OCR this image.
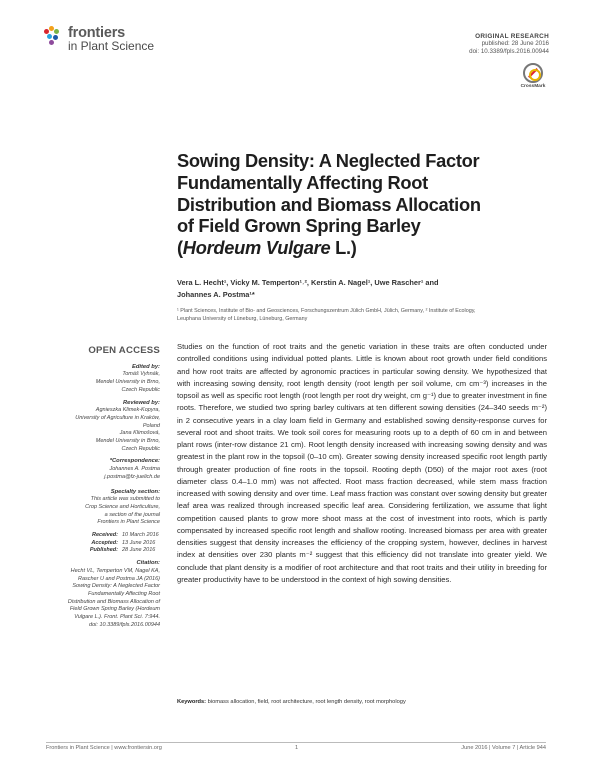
frontiers
in Plant Science
ORIGINAL RESEARCH
published: 28 June 2016
doi: 10.3389/fpls.2016.00944
CrossMark
Sowing Density: A Neglected Factor
Fundamentally Affecting Root
Distribution and Biomass Allocation
of Field Grown Spring Barley
(Hordeum Vulgare L.)
Vera L. Hecht¹, Vicky M. Temperton¹˒², Kerstin A. Nagel¹, Uwe Rascher¹ and
Johannes A. Postma¹*
¹ Plant Sciences, Institute of Bio- and Geosciences, Forschungszentrum Jülich GmbH, Jülich, Germany, ² Institute of Ecology,
Leuphana University of Lüneburg, Lüneburg, Germany
OPEN ACCESS
Edited by:
Tomáš Vyhnák,
Mendel University in Brno,
Czech Republic
Reviewed by:
Agnieszka Klimek-Kopyra,
University of Agriculture in Kraków,
Poland
Jana Klimošová,
Mendel University in Brno,
Czech Republic
*Correspondence:
Johannes A. Postma
j.postma@fz-juelich.de
Specialty section:
This article was submitted to
Crop Science and Horticulture,
a section of the journal
Frontiers in Plant Science
Received: 10 March 2016
Accepted: 13 June 2016
Published: 28 June 2016
Citation:
Hecht VL, Temperton VM, Nagel KA,
Rascher U and Postma JA (2016)
Sowing Density: A Neglected Factor
Fundamentally Affecting Root
Distribution and Biomass Allocation of
Field Grown Spring Barley (Hordeum
Vulgare L.). Front. Plant Sci. 7:944.
doi: 10.3389/fpls.2016.00944
Studies on the function of root traits and the genetic variation in these traits are often conducted under controlled conditions using individual potted plants. Little is known about root growth under field conditions and how root traits are affected by agronomic practices in particular sowing density. We hypothesized that with increasing sowing density, root length density (root length per soil volume, cm cm⁻³) increases in the topsoil as well as specific root length (root length per root dry weight, cm g⁻¹) due to greater investment in fine roots. Therefore, we studied two spring barley cultivars at ten different sowing densities (24–340 seeds m⁻²) in 2 consecutive years in a clay loam field in Germany and established sowing density-response curves for several root and shoot traits. We took soil cores for measuring roots up to a depth of 60 cm in and between plant rows (inter-row distance 21 cm). Root length density increased with increasing sowing density and was greatest in the plant row in the topsoil (0–10 cm). Greater sowing density increased specific root length partly through greater production of fine roots in the topsoil. Rooting depth (D50) of the major root axes (root diameter class 0.4–1.0 mm) was not affected. Root mass fraction decreased, while stem mass fraction increased with sowing density and over time. Leaf mass fraction was constant over sowing density but greater leaf area was realized through increased specific leaf area. Considering fertilization, we assume that light competition caused plants to grow more shoot mass at the cost of investment into roots, which is partly compensated by increased specific root length and shallow rooting. Increased biomass per area with greater densities suggest that density increases the efficiency of the cropping system, however, declines in harvest index at densities over 230 plants m⁻² suggest that this efficiency did not translate into greater yield. We conclude that plant density is a modifier of root architecture and that root traits and their utility in breeding for greater productivity have to be understood in the context of high sowing densities.
Keywords: biomass allocation, field, root architecture, root length density, root morphology
Frontiers in Plant Science | www.frontiersin.org	1	June 2016 | Volume 7 | Article 944
